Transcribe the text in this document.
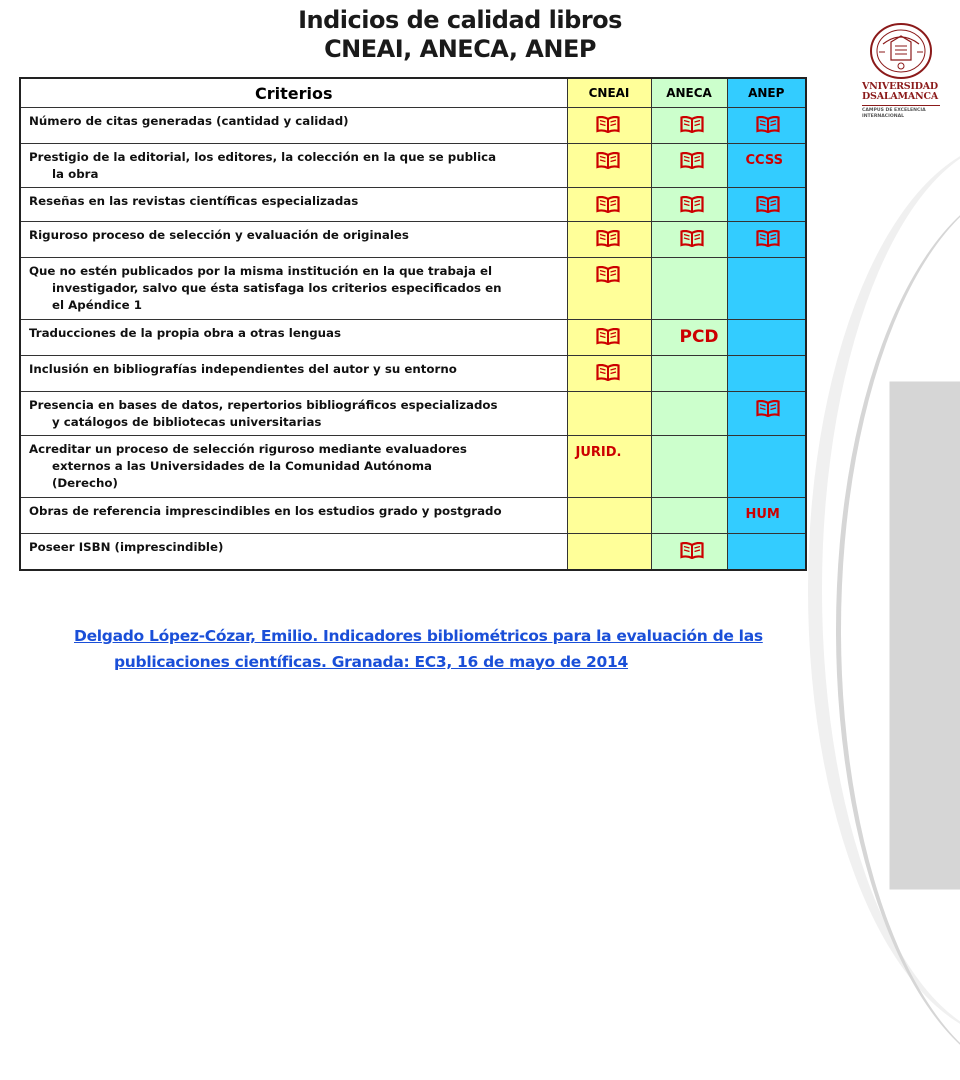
Indicios de calidad libros
CNEAI, ANECA, ANEP
VNIVERSIDAD
DSALAMANCA
CAMPUS DE EXCELENCIA
INTERNACIONAL
Criterios	CNEAI	ANECA	ANEP

Número de citas generadas (cantidad y calidad)

Prestigio de la editorial, los editores, la colección en la que se publica
la obra			CCSS

Reseñas en las revistas científicas especializadas

Riguroso proceso de selección y evaluación de originales

Que no estén publicados por la misma institución en la que trabaja el
investigador, salvo que ésta satisfaga los criterios especificados en
el Apéndice 1

Traducciones de la propia obra a otras lenguas		PCD	

Inclusión en bibliografías independientes del autor y su entorno

Presencia en bases de datos, repertorios bibliográficos especializados
y catálogos de bibliotecas universitarias

Acreditar un proceso de selección riguroso mediante evaluadores
externos a las Universidades de la Comunidad Autónoma
(Derecho)	JURID.		

Obras de referencia imprescindibles en los estudios grado y postgrado			HUM

Poseer ISBN (imprescindible)

Delgado López-Cózar, Emilio. Indicadores bibliométricos para la evaluación de las
publicaciones científicas. Granada: EC3, 16 de mayo de 2014
